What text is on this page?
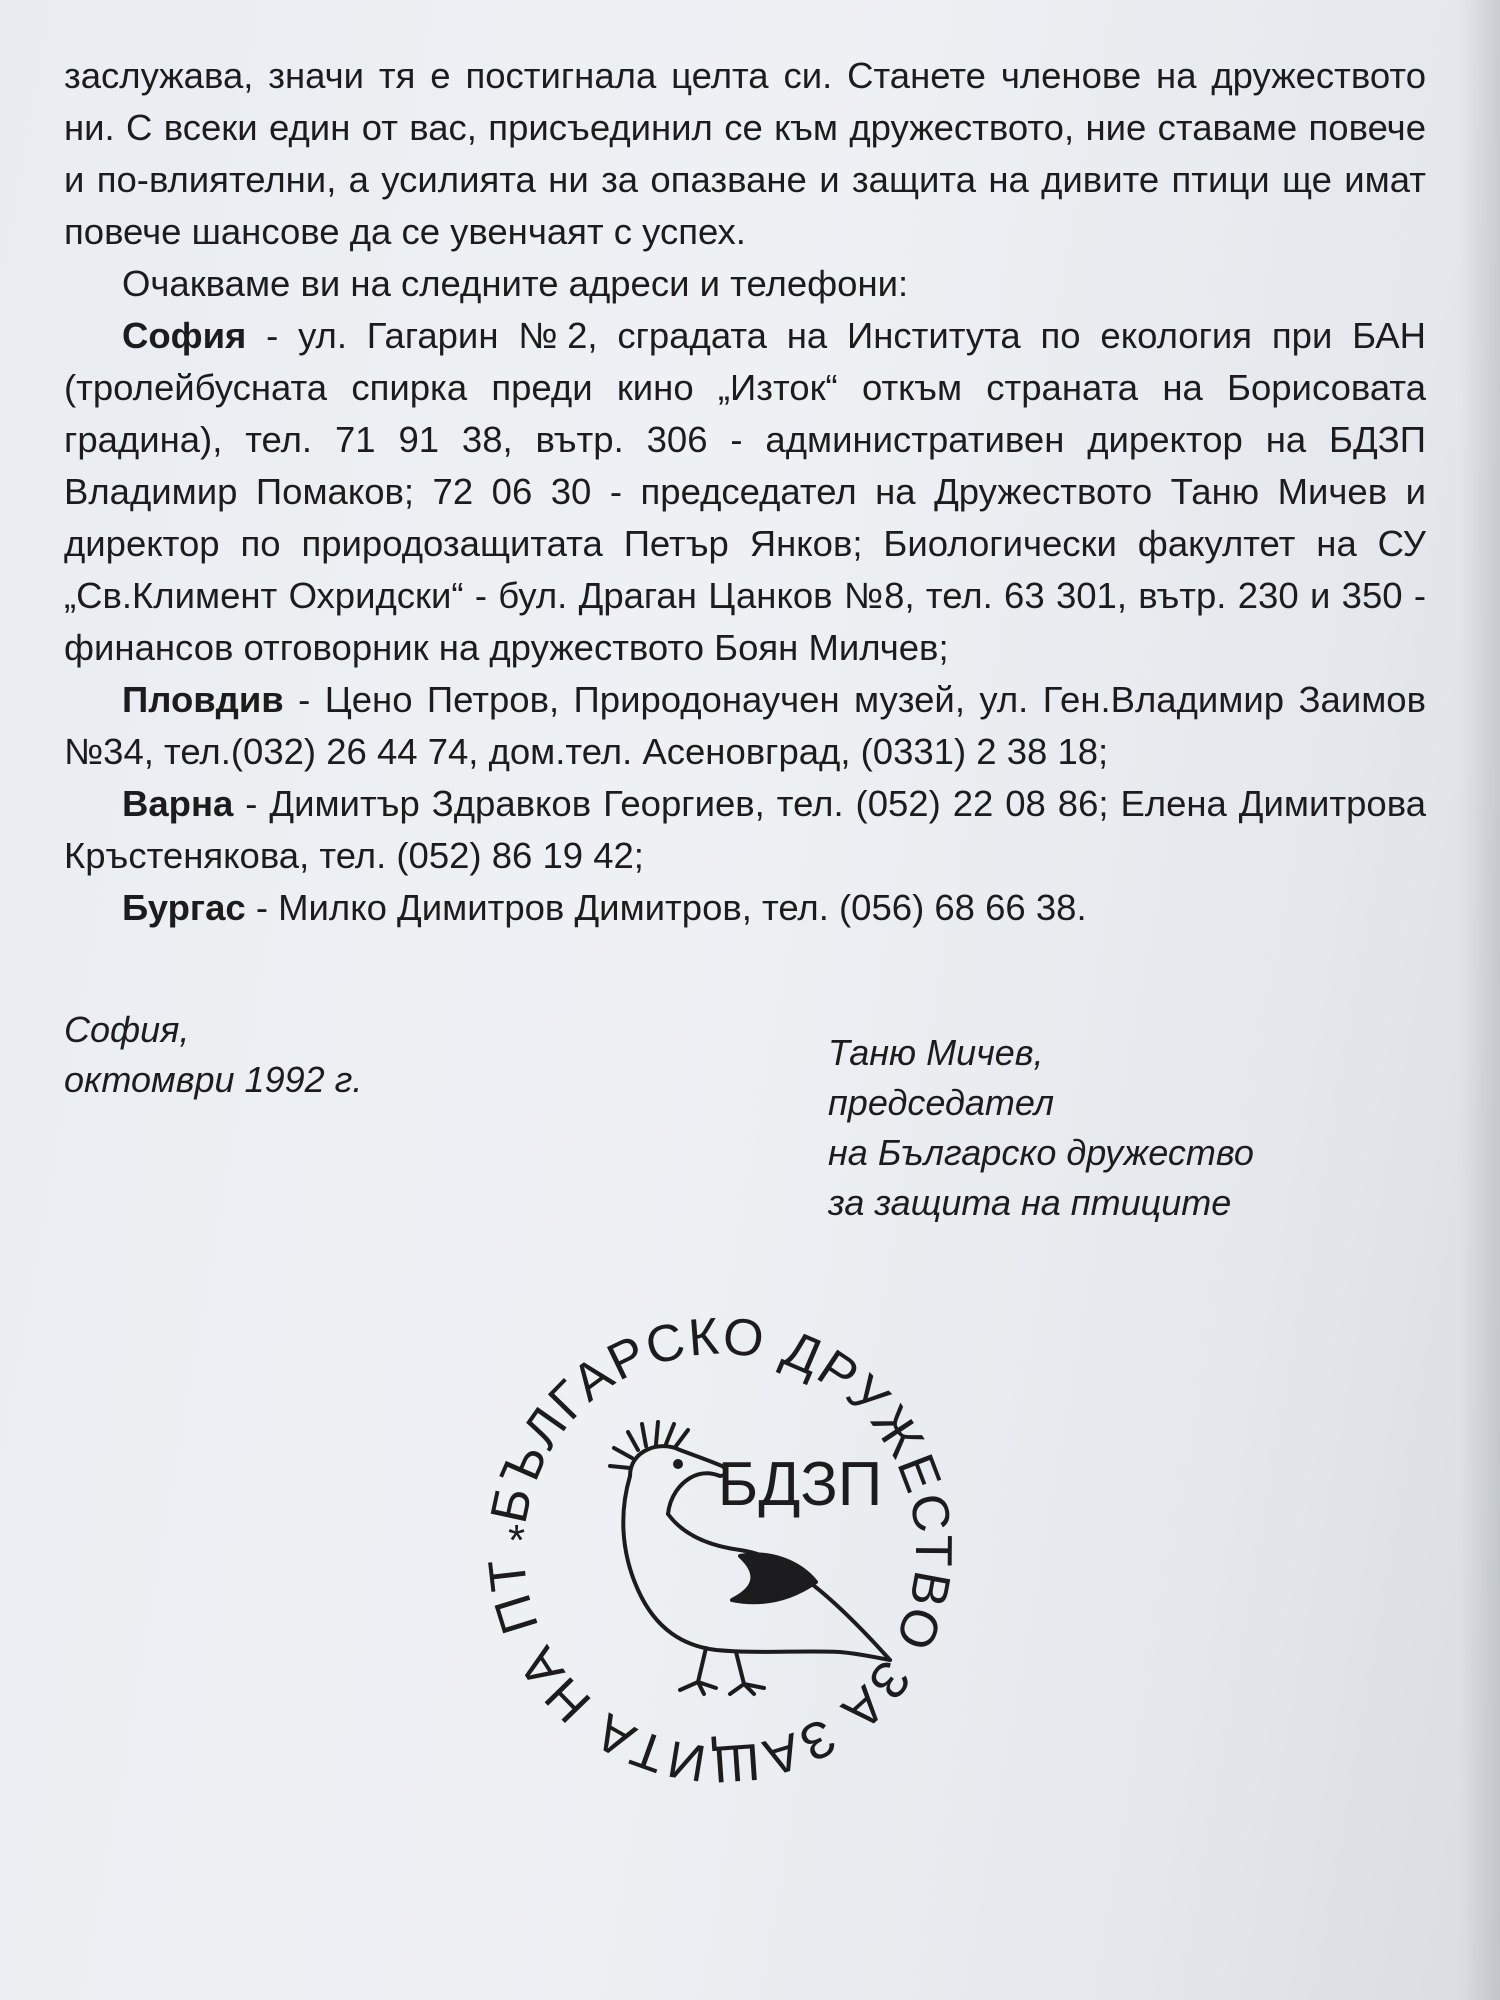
заслужава, значи тя е постигнала целта си. Станете членове на дружеството ни. С всеки един от вас, присъединил се към дружеството, ние ставаме повече и по-влиятелни, а усилията ни за опазване и защита на дивите птици ще имат повече шансове да се увенчаят с успех.

Очакваме ви на следните адреси и телефони:

София - ул. Гагарин №2, сградата на Института по екология при БАН (тролейбусната спирка преди кино „Изток“ откъм страната на Борисовата градина), тел. 71 91 38, вътр. 306 - административен директор на БДЗП Владимир Помаков; 72 06 30 - председател на Дружеството Таню Мичев и директор по природозащитата Петър Янков; Биологически факултет на СУ „Св.Климент Охридски“ - бул. Драган Цанков №8, тел. 63 301, вътр. 230 и 350 - финансов отговорник на дружеството Боян Милчев;

Пловдив - Цено Петров, Природонаучен музей, ул. Ген.Владимир Заимов №34, тел.(032) 26 44 74, дом.тел. Асеновград, (0331) 2 38 18;

Варна - Димитър Здравков Георгиев, тел. (052) 22 08 86; Елена Димитрова Кръстенякова, тел. (052) 86 19 42;

Бургас - Милко Димитров Димитров, тел. (056) 68 66 38.

София,
октомври 1992 г.
Таню Мичев,
председател
на Българско дружество
за защита на птиците
БЪЛГАРСКО ДРУЖЕСТВО ЗА ЗАЩИТА НА ПТ
*
БДЗП
